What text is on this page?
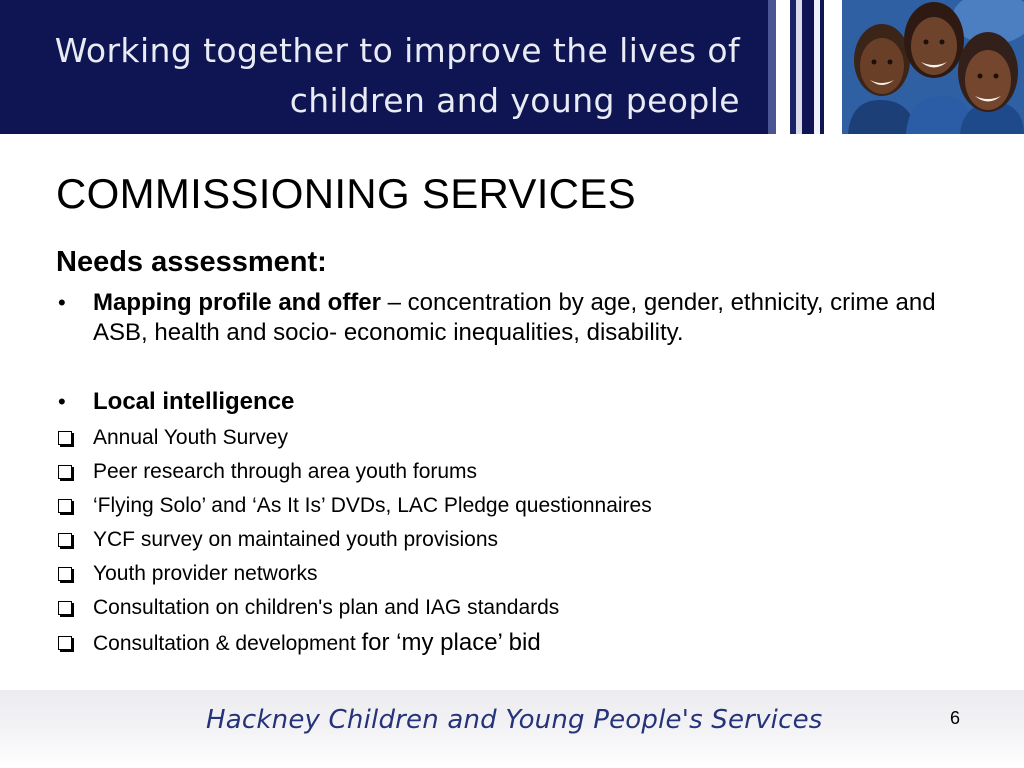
Working together to improve the lives of
children and young people
COMMISSIONING SERVICES
Needs assessment:
•	Mapping profile and offer – concentration by age, gender, ethnicity, crime and ASB, health and socio- economic inequalities, disability.
•	Local intelligence
Annual Youth Survey
Peer research through area youth forums
‘Flying Solo’ and ‘As It Is’ DVDs, LAC Pledge questionnaires
YCF survey on maintained youth provisions
Youth provider networks
Consultation on children's plan and IAG standards
Consultation & development for ‘my place’ bid
Hackney Children and Young People's Services	6
